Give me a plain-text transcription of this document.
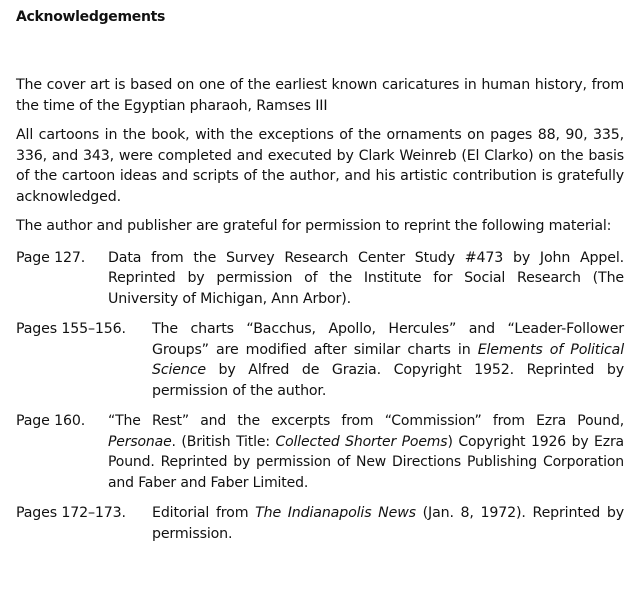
Acknowledgements

The cover art is based on one of the earliest known caricatures in human history, from the time of the Egyptian pharaoh, Ramses III

All cartoons in the book, with the exceptions of the ornaments on pages 88, 90, 335, 336, and 343, were completed and executed by Clark Weinreb (El Clarko) on the basis of the cartoon ideas and scripts of the author, and his artistic contribution is gratefully acknowledged.

The author and publisher are grateful for permission to reprint the following material:

Page 127.	Data from the Survey Research Center Study #473 by John Appel. Reprinted by permission of the Institute for Social Research (The University of Michigan, Ann Arbor).
Pages 155–156.	The charts “Bacchus, Apollo, Hercules” and “Leader-Follower Groups” are modified after similar charts in Elements of Political Science by Alfred de Grazia. Copyright 1952. Reprinted by permission of the author.
Page 160.	“The Rest” and the excerpts from “Commission” from Ezra Pound, Personae. (British Title: Collected Shorter Poems) Copyright 1926 by Ezra Pound. Reprinted by permission of New Directions Publishing Corporation and Faber and Faber Limited.
Pages 172–173.	Editorial from The Indianapolis News (Jan. 8, 1972). Reprinted by permission.
